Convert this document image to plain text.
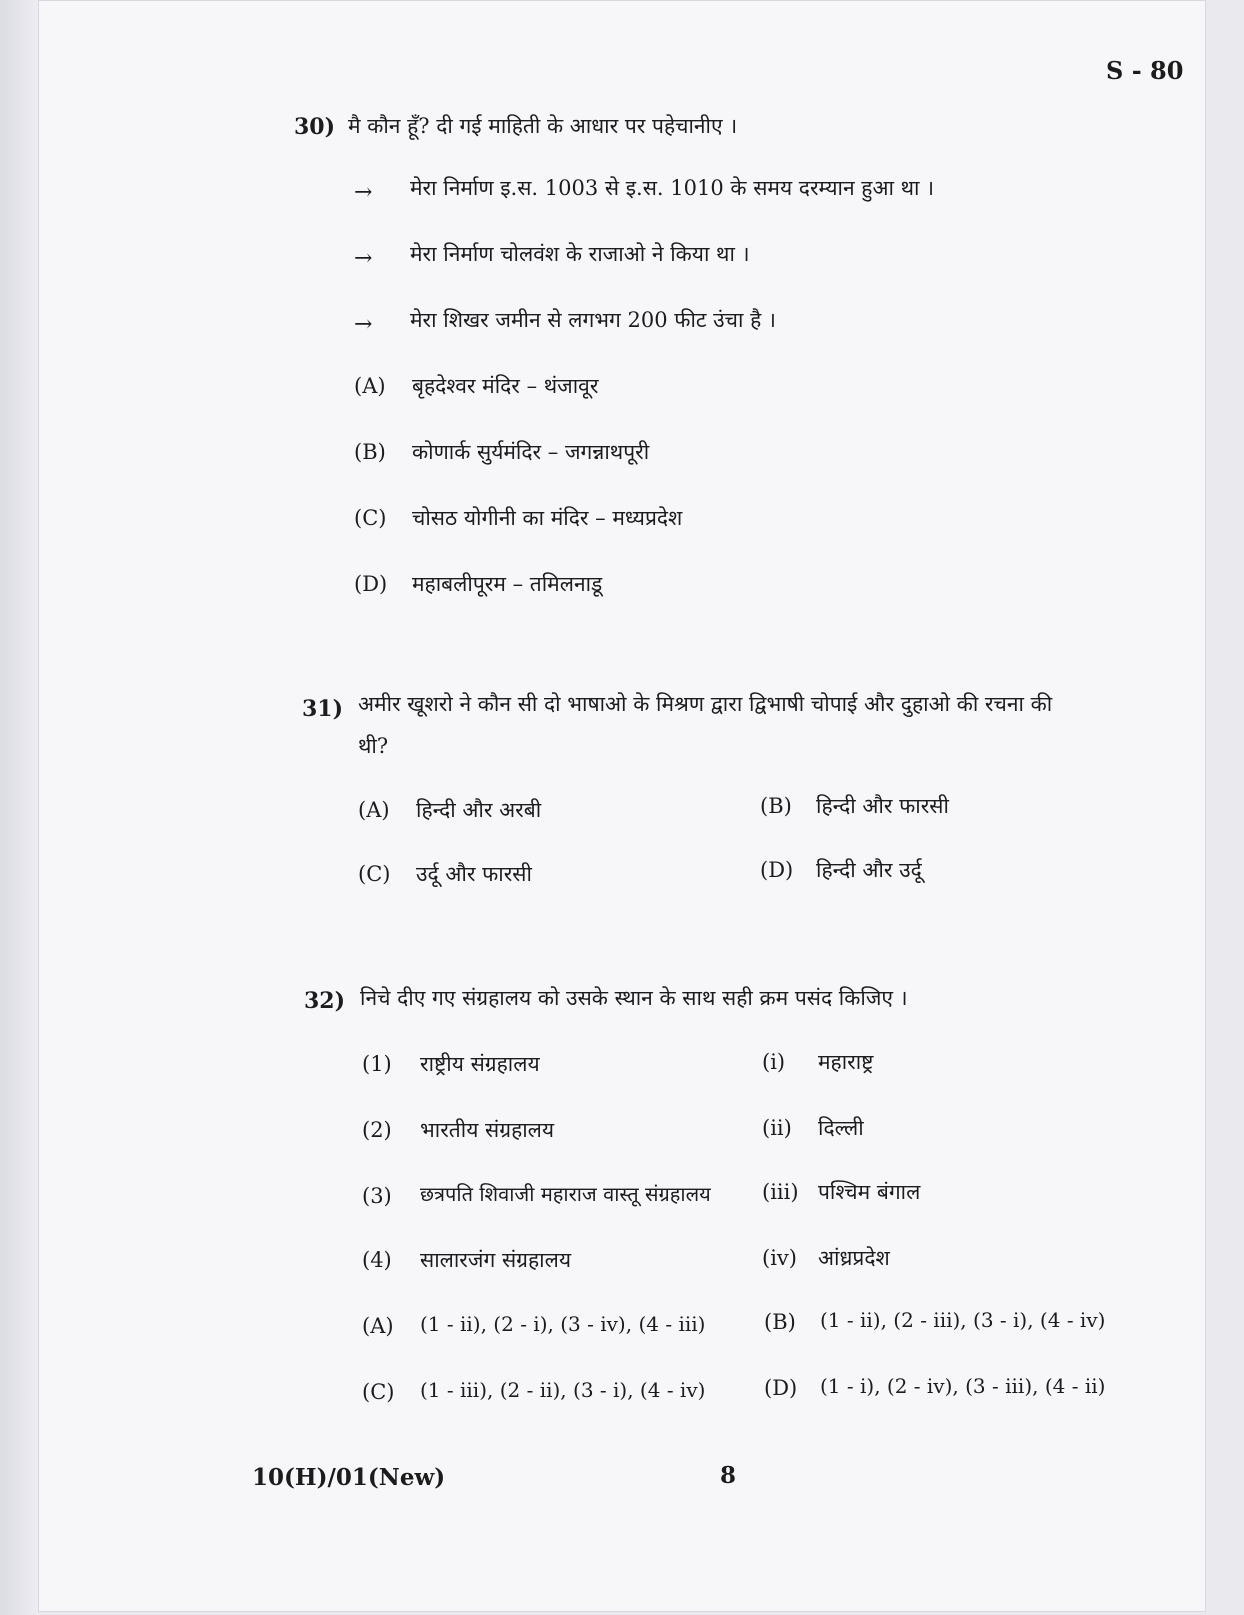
S - 80
30) मै कौन हूँ? दी गई माहिती के आधार पर पहेचानीए ।
→ मेरा निर्माण इ.स. 1003 से इ.स. 1010 के समय दरम्यान हुआ था ।
→ मेरा निर्माण चोलवंश के राजाओ ने किया था ।
→ मेरा शिखर जमीन से लगभग 200 फीट उंचा है ।
(A) बृहदेश्वर मंदिर – थंजावूर
(B) कोणार्क सुर्यमंदिर – जगन्नाथपूरी
(C) चोसठ योगीनी का मंदिर – मध्यप्रदेश
(D) महाबलीपूरम – तमिलनाडू
31) अमीर खूशरो ने कौन सी दो भाषाओ के मिश्रण द्वारा द्विभाषी चोपाई और दुहाओ की रचना की
थी?
(A) हिन्दी और अरबी	(B) हिन्दी और फारसी
(C) उर्दू और फारसी	(D) हिन्दी और उर्दू
32) निचे दीए गए संग्रहालय को उसके स्थान के साथ सही क्रम पसंद किजिए ।
(1) राष्ट्रीय संग्रहालय	(i) महाराष्ट्र
(2) भारतीय संग्रहालय	(ii) दिल्ली
(3) छत्रपति शिवाजी महाराज वास्तू संग्रहालय (iii) पश्चिम बंगाल
(4) सालारजंग संग्रहालय	(iv) आंध्रप्रदेश
(A) (1 - ii), (2 - i), (3 - iv), (4 - iii)	(B) (1 - ii), (2 - iii), (3 - i), (4 - iv)
(C) (1 - iii), (2 - ii), (3 - i), (4 - iv)	(D) (1 - i), (2 - iv), (3 - iii), (4 - ii)
10(H)/01(New)	8
